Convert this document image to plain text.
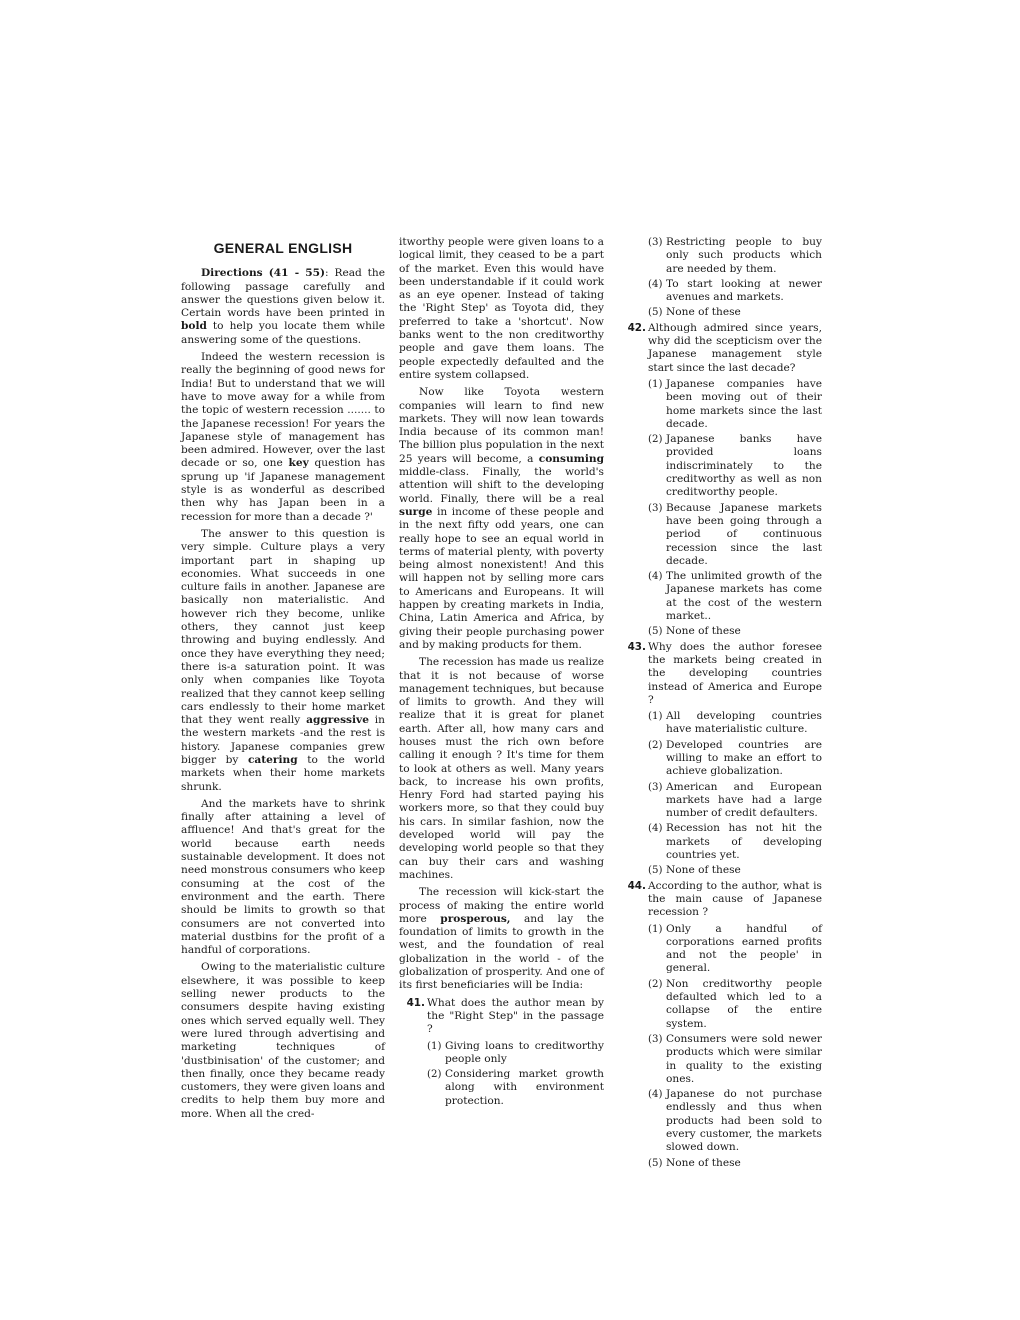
GENERAL ENGLISH

Directions (41 - 55): Read the following passage carefully and answer the questions given below it. Certain words have been printed in bold to help you locate them while answering some of the questions.

Indeed the western recession is really the beginning of good news for India! But to understand that we will have to move away for a while from the topic of western recession ....... to the Japanese recession! For years the Japanese style of management has been admired. However, over the last decade or so, one key question has sprung up 'if Japanese management style is as wonderful as described then why has Japan been in a recession for more than a decade ?'

The answer to this question is very simple. Culture plays a very important part in shaping up economies. What succeeds in one culture fails in another. Japanese are basically non materialistic. And however rich they become, unlike others, they cannot just keep throwing and buying endlessly. And once they have everything they need; there is-a saturation point. It was only when companies like Toyota realized that they cannot keep selling cars endlessly to their home market that they went really aggressive in the western markets -and the rest is history. Japanese companies grew bigger by catering to the world markets when their home markets shrunk.

And the markets have to shrink finally after attaining a level of affluence! And that's great for the world because earth needs sustainable development. It does not need monstrous consumers who keep consuming at the cost of the environment and the earth. There should be limits to growth so that consumers are not converted into material dustbins for the profit of a handful of corporations.

Owing to the materialistic culture elsewhere, it was possible to keep selling newer products to the consumers despite having existing ones which served equally well. They were lured through advertising and marketing techniques of 'dustbinisation' of the customer; and then finally, once they became ready customers, they were given loans and credits to help them buy more and more. When all the cred-

itworthy people were given loans to a logical limit, they ceased to be a part of the market. Even this would have been understandable if it could work as an eye opener. Instead of taking the 'Right Step' as Toyota did, they preferred to take a 'shortcut'. Now banks went to the non creditworthy people and gave them loans. The people expectedly defaulted and the entire system collapsed.

Now like Toyota western companies will learn to find new markets. They will now lean towards India because of its common man! The billion plus population in the next 25 years will become, a consuming middle-class. Finally, the world's attention will shift to the developing world. Finally, there will be a real surge in income of these people and in the next fifty odd years, one can really hope to see an equal world in terms of material plenty, with poverty being almost nonexistent! And this will happen not by selling more cars to Americans and Europeans. It will happen by creating markets in India, China, Latin America and Africa, by giving their people purchasing power and by making products for them.

The recession has made us realize that it is not because of worse management techniques, but because of limits to growth. And they will realize that it is great for planet earth. After all, how many cars and houses must the rich own before calling it enough ? It's time for them to look at others as well. Many years back, to increase his own profits, Henry Ford had started paying his workers more, so that they could buy his cars. In similar fashion, now the developed world will pay the developing world people so that they can buy their cars and washing machines.

The recession will kick-start the process of making the entire world more prosperous, and lay the foundation of limits to growth in the west, and the foundation of real globalization in the world - of the globalization of prosperity. And one of its first beneficiaries will be India:

41. What does the author mean by the "Right Step" in the passage ?
(1) Giving loans to creditworthy people only
(2) Considering market growth along with environment protection.
(3) Restricting people to buy only such products which are needed by them.
(4) To start looking at newer avenues and markets.
(5) None of these
42. Although admired since years, why did the scepticism over the Japanese management style start since the last decade?
(1) Japanese companies have been moving out of their home markets since the last decade.
(2) Japanese banks have provided loans indiscriminately to the creditworthy as well as non creditworthy people.
(3) Because Japanese markets have been going through a period of continuous recession since the last decade.
(4) The unlimited growth of the Japanese markets has come at the cost of the western market..
(5) None of these
43. Why does the author foresee the markets being created in the developing countries instead of America and Europe ?
(1) All developing countries have materialistic culture.
(2) Developed countries are willing to make an effort to achieve globalization.
(3) American and European markets have had a large number of credit defaulters.
(4) Recession has not hit the markets of developing countries yet.
(5) None of these
44. According to the author, what is the main cause of Japanese recession ?
(1) Only a handful of corporations earned profits and not the people' in general.
(2) Non creditworthy people defaulted which led to a collapse of the entire system.
(3) Consumers were sold newer products which were similar in quality to the existing ones.
(4) Japanese do not purchase endlessly and thus when products had been sold to every customer, the markets slowed down.
(5) None of these
